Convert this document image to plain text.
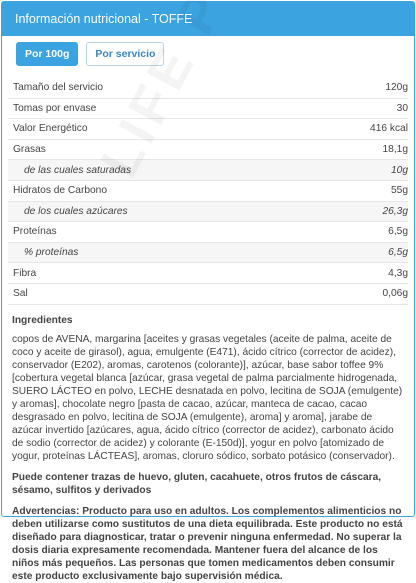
Información nutricional - TOFFE
Por 100g	Por servicio
Tamaño del servicio	120g
Tomas por envase	30
Valor Energético	416 kcal
Grasas	18,1g
de las cuales saturadas	10g
Hidratos de Carbono	55g
de los cuales azúcares	26,3g
Proteínas	6,5g
% proteínas	6,5g
Fibra	4,3g
Sal	0,06g
Ingredientes
copos de AVENA, margarina [aceites y grasas vegetales (aceite de palma, aceite de coco y aceite de girasol), agua, emulgente (E471), ácido cítrico (corrector de acidez), conservador (E202), aromas, carotenos (colorante)], azúcar, base sabor toffee 9% [cobertura vegetal blanca [azúcar, grasa vegetal de palma parcialmente hidrogenada, SUERO LÁCTEO en polvo, LECHE desnatada en polvo, lecitina de SOJA (emulgente) y aromas], chocolate negro [pasta de cacao, azúcar, manteca de cacao, cacao desgrasado en polvo, lecitina de SOJA (emulgente), aroma] y aroma], jarabe de azúcar invertido [azúcares, agua, ácido cítrico (corrector de acidez), carbonato ácido de sodio (corrector de acidez) y colorante (E-150d)], yogur en polvo [atomizado de yogur, proteínas LÁCTEAS], aromas, cloruro sódico, sorbato potásico (conservador).
Puede contener trazas de huevo, gluten, cacahuete, otros frutos de cáscara, sésamo, sulfitos y derivados
Advertencias: Producto para uso en adultos. Los complementos alimenticios no deben utilizarse como sustitutos de una dieta equilibrada. Este producto no está diseñado para diagnosticar, tratar o prevenir ninguna enfermedad. No superar la dosis diaria expresamente recomendada. Mantener fuera del alcance de los niños más pequeños. Las personas que tomen medicamentos deben consumir este producto exclusivamente bajo supervisión médica.
